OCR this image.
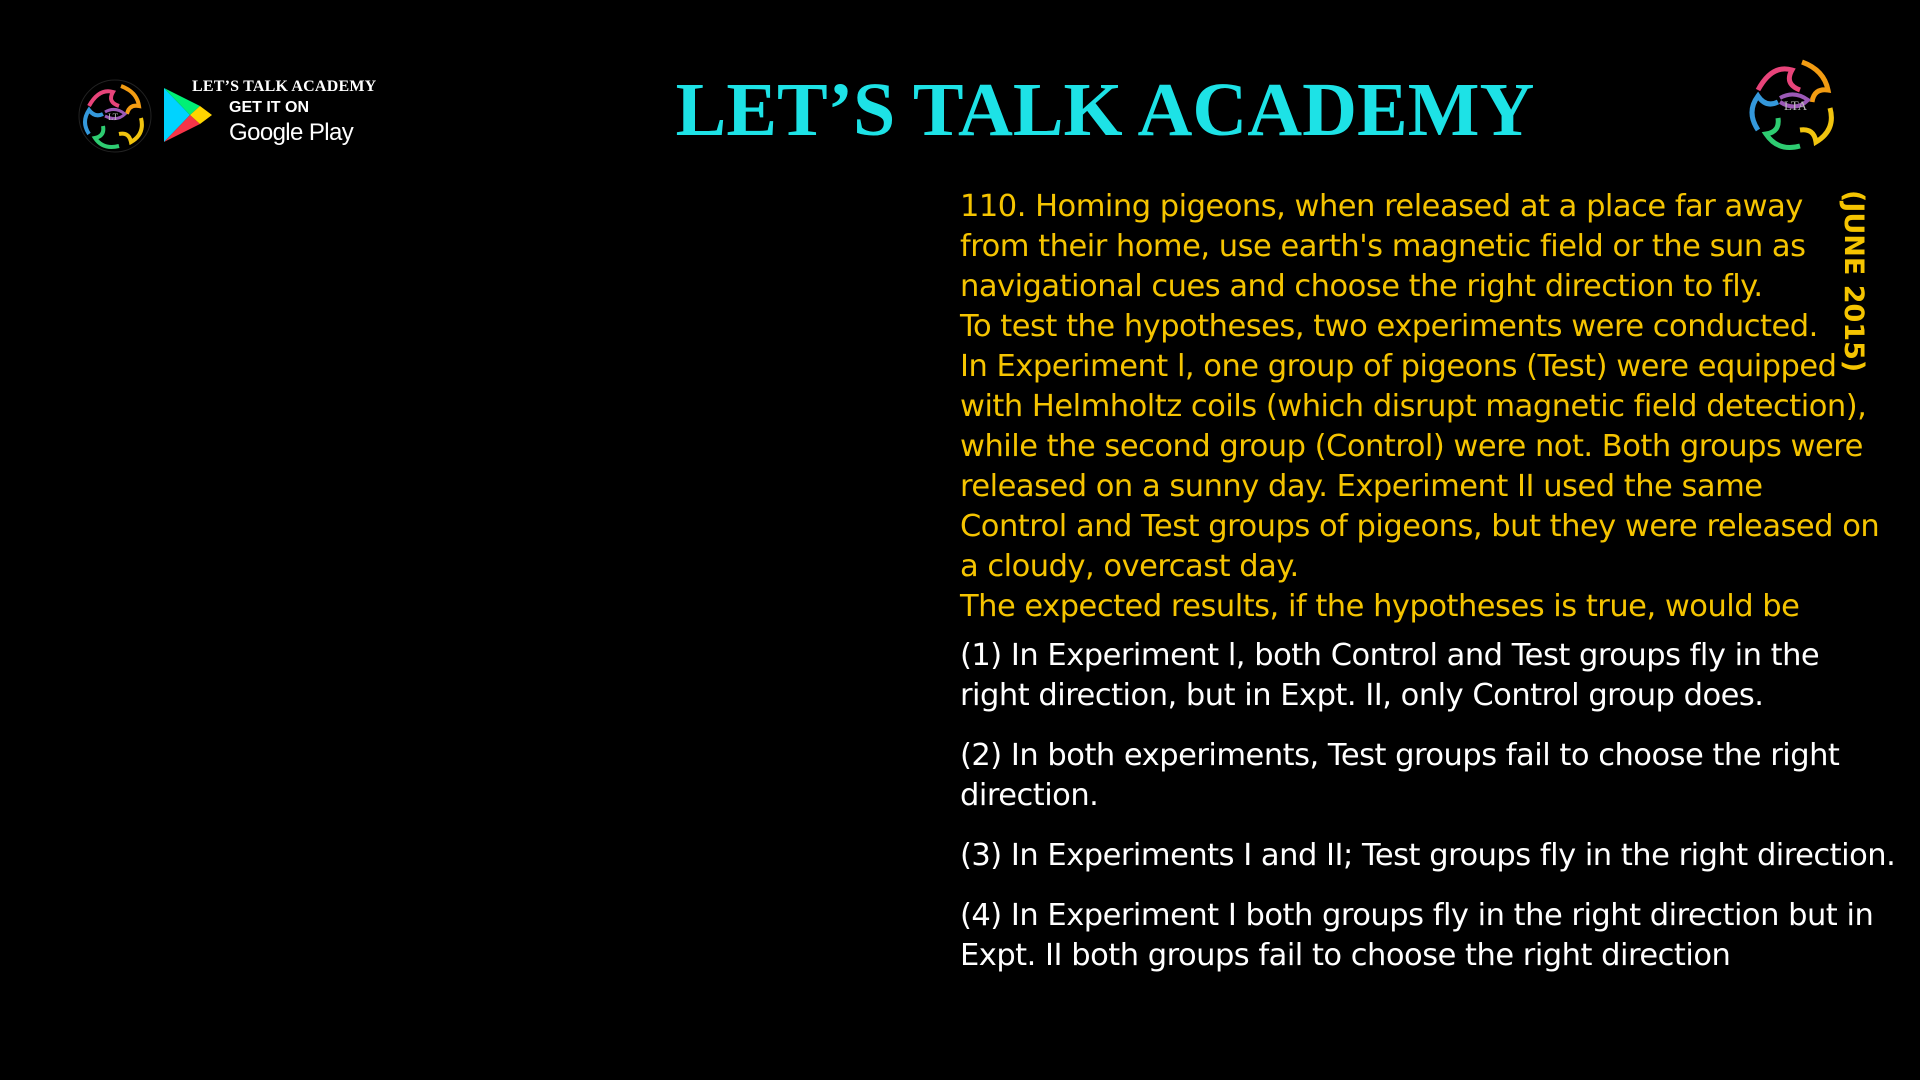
LT
LET’S TALK ACADEMY
GET IT ON
Google Play	LET’S TALK ACADEMY	LTA
(JUNE 2015)
110. Homing pigeons, when released at a place far away
from their home, use earth's magnetic field or the sun as
navigational cues and choose the right direction to fly.
To test the hypotheses, two experiments were conducted.
In Experiment l, one group of pigeons (Test) were equipped
with Helmholtz coils (which disrupt magnetic field detection),
while the second group (Control) were not. Both groups were
released on a sunny day. Experiment II used the same
Control and Test groups of pigeons, but they were released on
a cloudy, overcast day.
The expected results, if the hypotheses is true, would be
(1) In Experiment l, both Control and Test groups fly in the
right direction, but in Expt. II, only Control group does.
(2) In both experiments, Test groups fail to choose the right
direction.
(3) In Experiments I and II; Test groups fly in the right direction.
(4) In Experiment I both groups fly in the right direction but in
Expt. II both groups fail to choose the right direction
